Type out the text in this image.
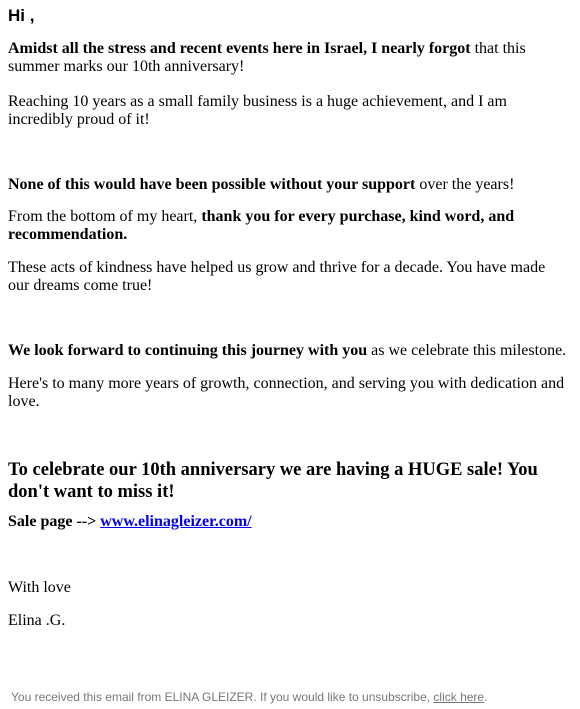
Hi ,

Amidst all the stress and recent events here in Israel, I nearly forgot that this summer marks our 10th anniversary!

Reaching 10 years as a small family business is a huge achievement, and I am incredibly proud of it!

None of this would have been possible without your support over the years!

From the bottom of my heart, thank you for every purchase, kind word, and recommendation.

These acts of kindness have helped us grow and thrive for a decade. You have made our dreams come true!

We look forward to continuing this journey with you as we celebrate this milestone.

Here's to many more years of growth, connection, and serving you with dedication and love.

To celebrate our 10th anniversary we are having a HUGE sale! You don't want to miss it!

Sale page --> www.elinagleizer.com/

With love

Elina .G.

You received this email from ELINA GLEIZER. If you would like to unsubscribe, click here.
